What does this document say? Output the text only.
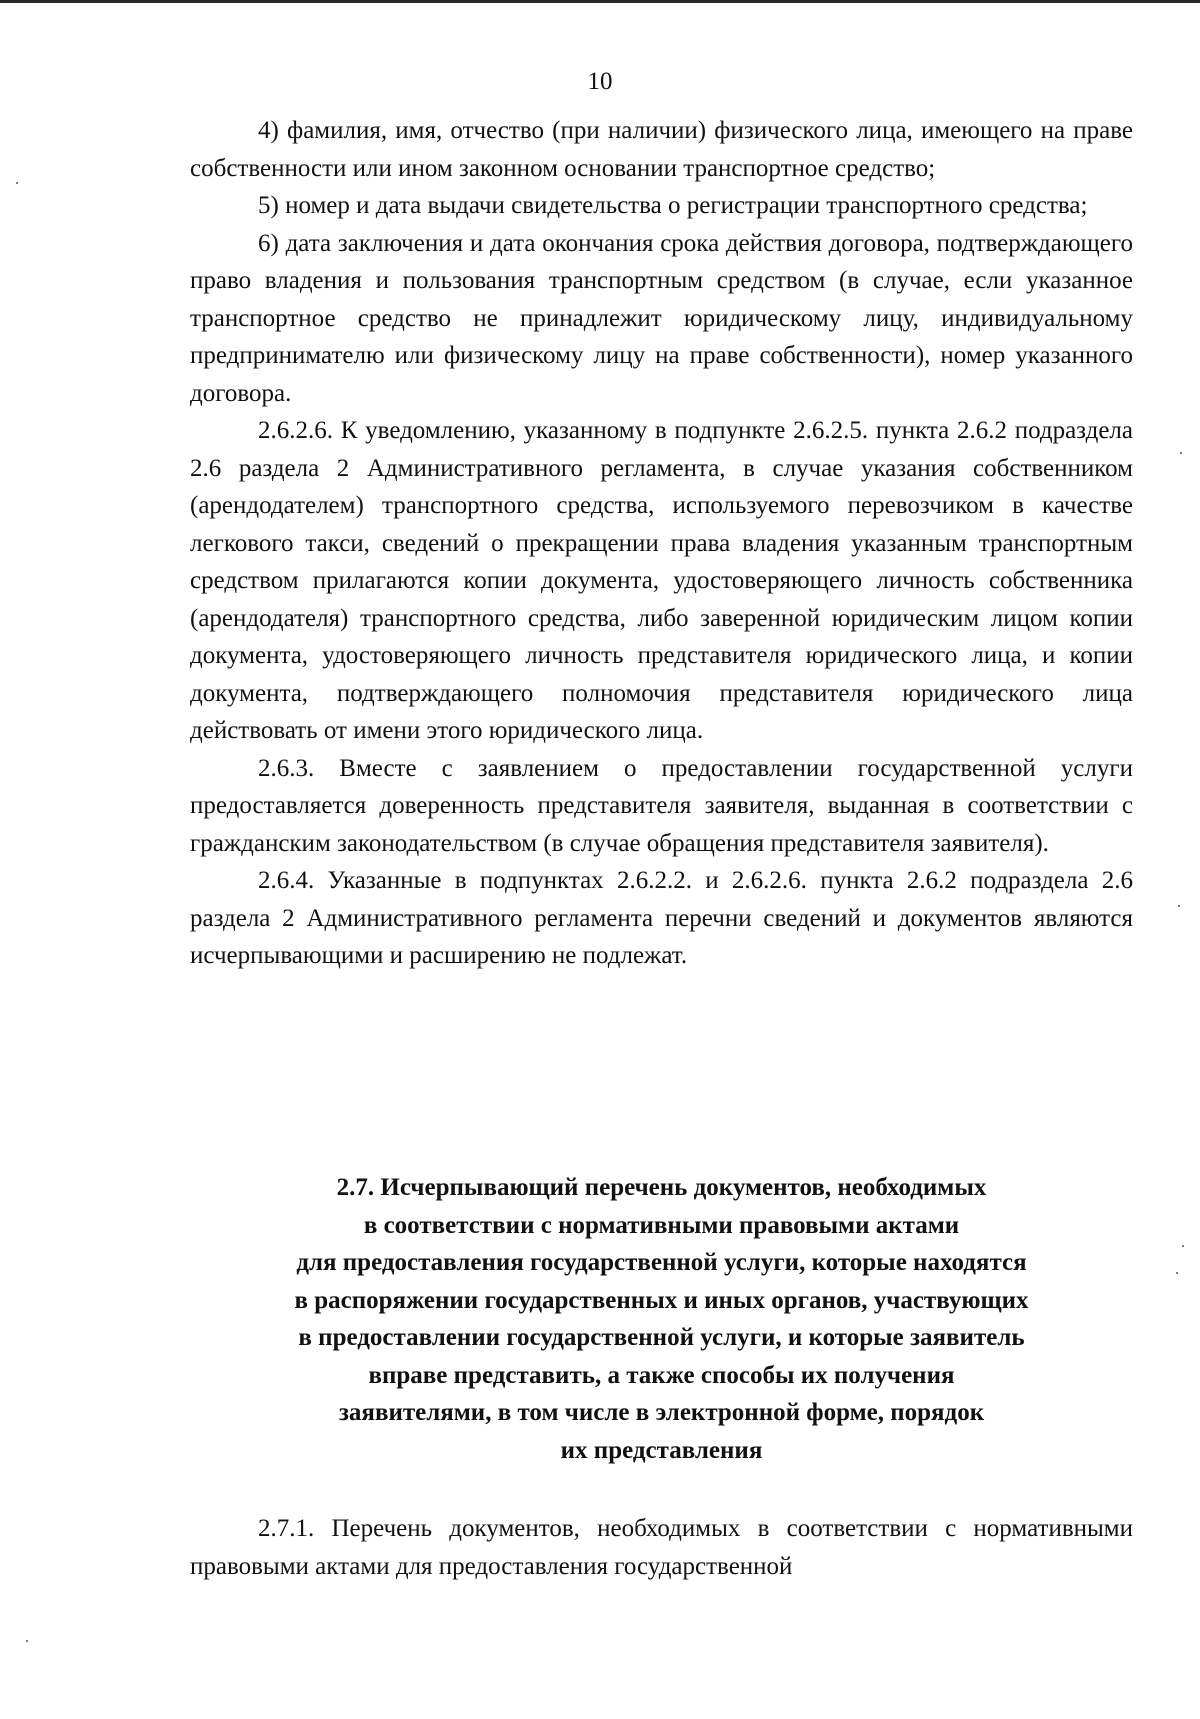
10

4) фамилия, имя, отчество (при наличии) физического лица, имеющего на праве собственности или ином законном основании транспортное средство;

5) номер и дата выдачи свидетельства о регистрации транспортного средства;

6) дата заключения и дата окончания срока действия договора, подтверждающего право владения и пользования транспортным средством (в случае, если указанное транспортное средство не принадлежит юридическому лицу, индивидуальному предпринимателю или физическому лицу на праве собственности), номер указанного договора.

2.6.2.6. К уведомлению, указанному в подпункте 2.6.2.5. пункта 2.6.2 подраздела 2.6 раздела 2 Административного регламента, в случае указания собственником (арендодателем) транспортного средства, используемого перевозчиком в качестве легкового такси, сведений о прекращении права владения указанным транспортным средством прилагаются копии документа, удостоверяющего личность собственника (арендодателя) транспортного средства, либо заверенной юридическим лицом копии документа, удостоверяющего личность представителя юридического лица, и копии документа, подтверждающего полномочия представителя юридического лица действовать от имени этого юридического лица.

2.6.3. Вместе с заявлением о предоставлении государственной услуги предоставляется доверенность представителя заявителя, выданная в соответствии с гражданским законодательством (в случае обращения представителя заявителя).

2.6.4. Указанные в подпунктах 2.6.2.2. и 2.6.2.6. пункта 2.6.2 подраздела 2.6 раздела 2 Административного регламента перечни сведений и документов являются исчерпывающими и расширению не подлежат.

2.7. Исчерпывающий перечень документов, необходимых
в соответствии с нормативными правовыми актами
для предоставления государственной услуги, которые находятся
в распоряжении государственных и иных органов, участвующих
в предоставлении государственной услуги, и которые заявитель
вправе представить, а также способы их получения
заявителями, в том числе в электронной форме, порядок
их представления

2.7.1. Перечень документов, необходимых в соответствии с нормативными правовыми актами для предоставления государственной
